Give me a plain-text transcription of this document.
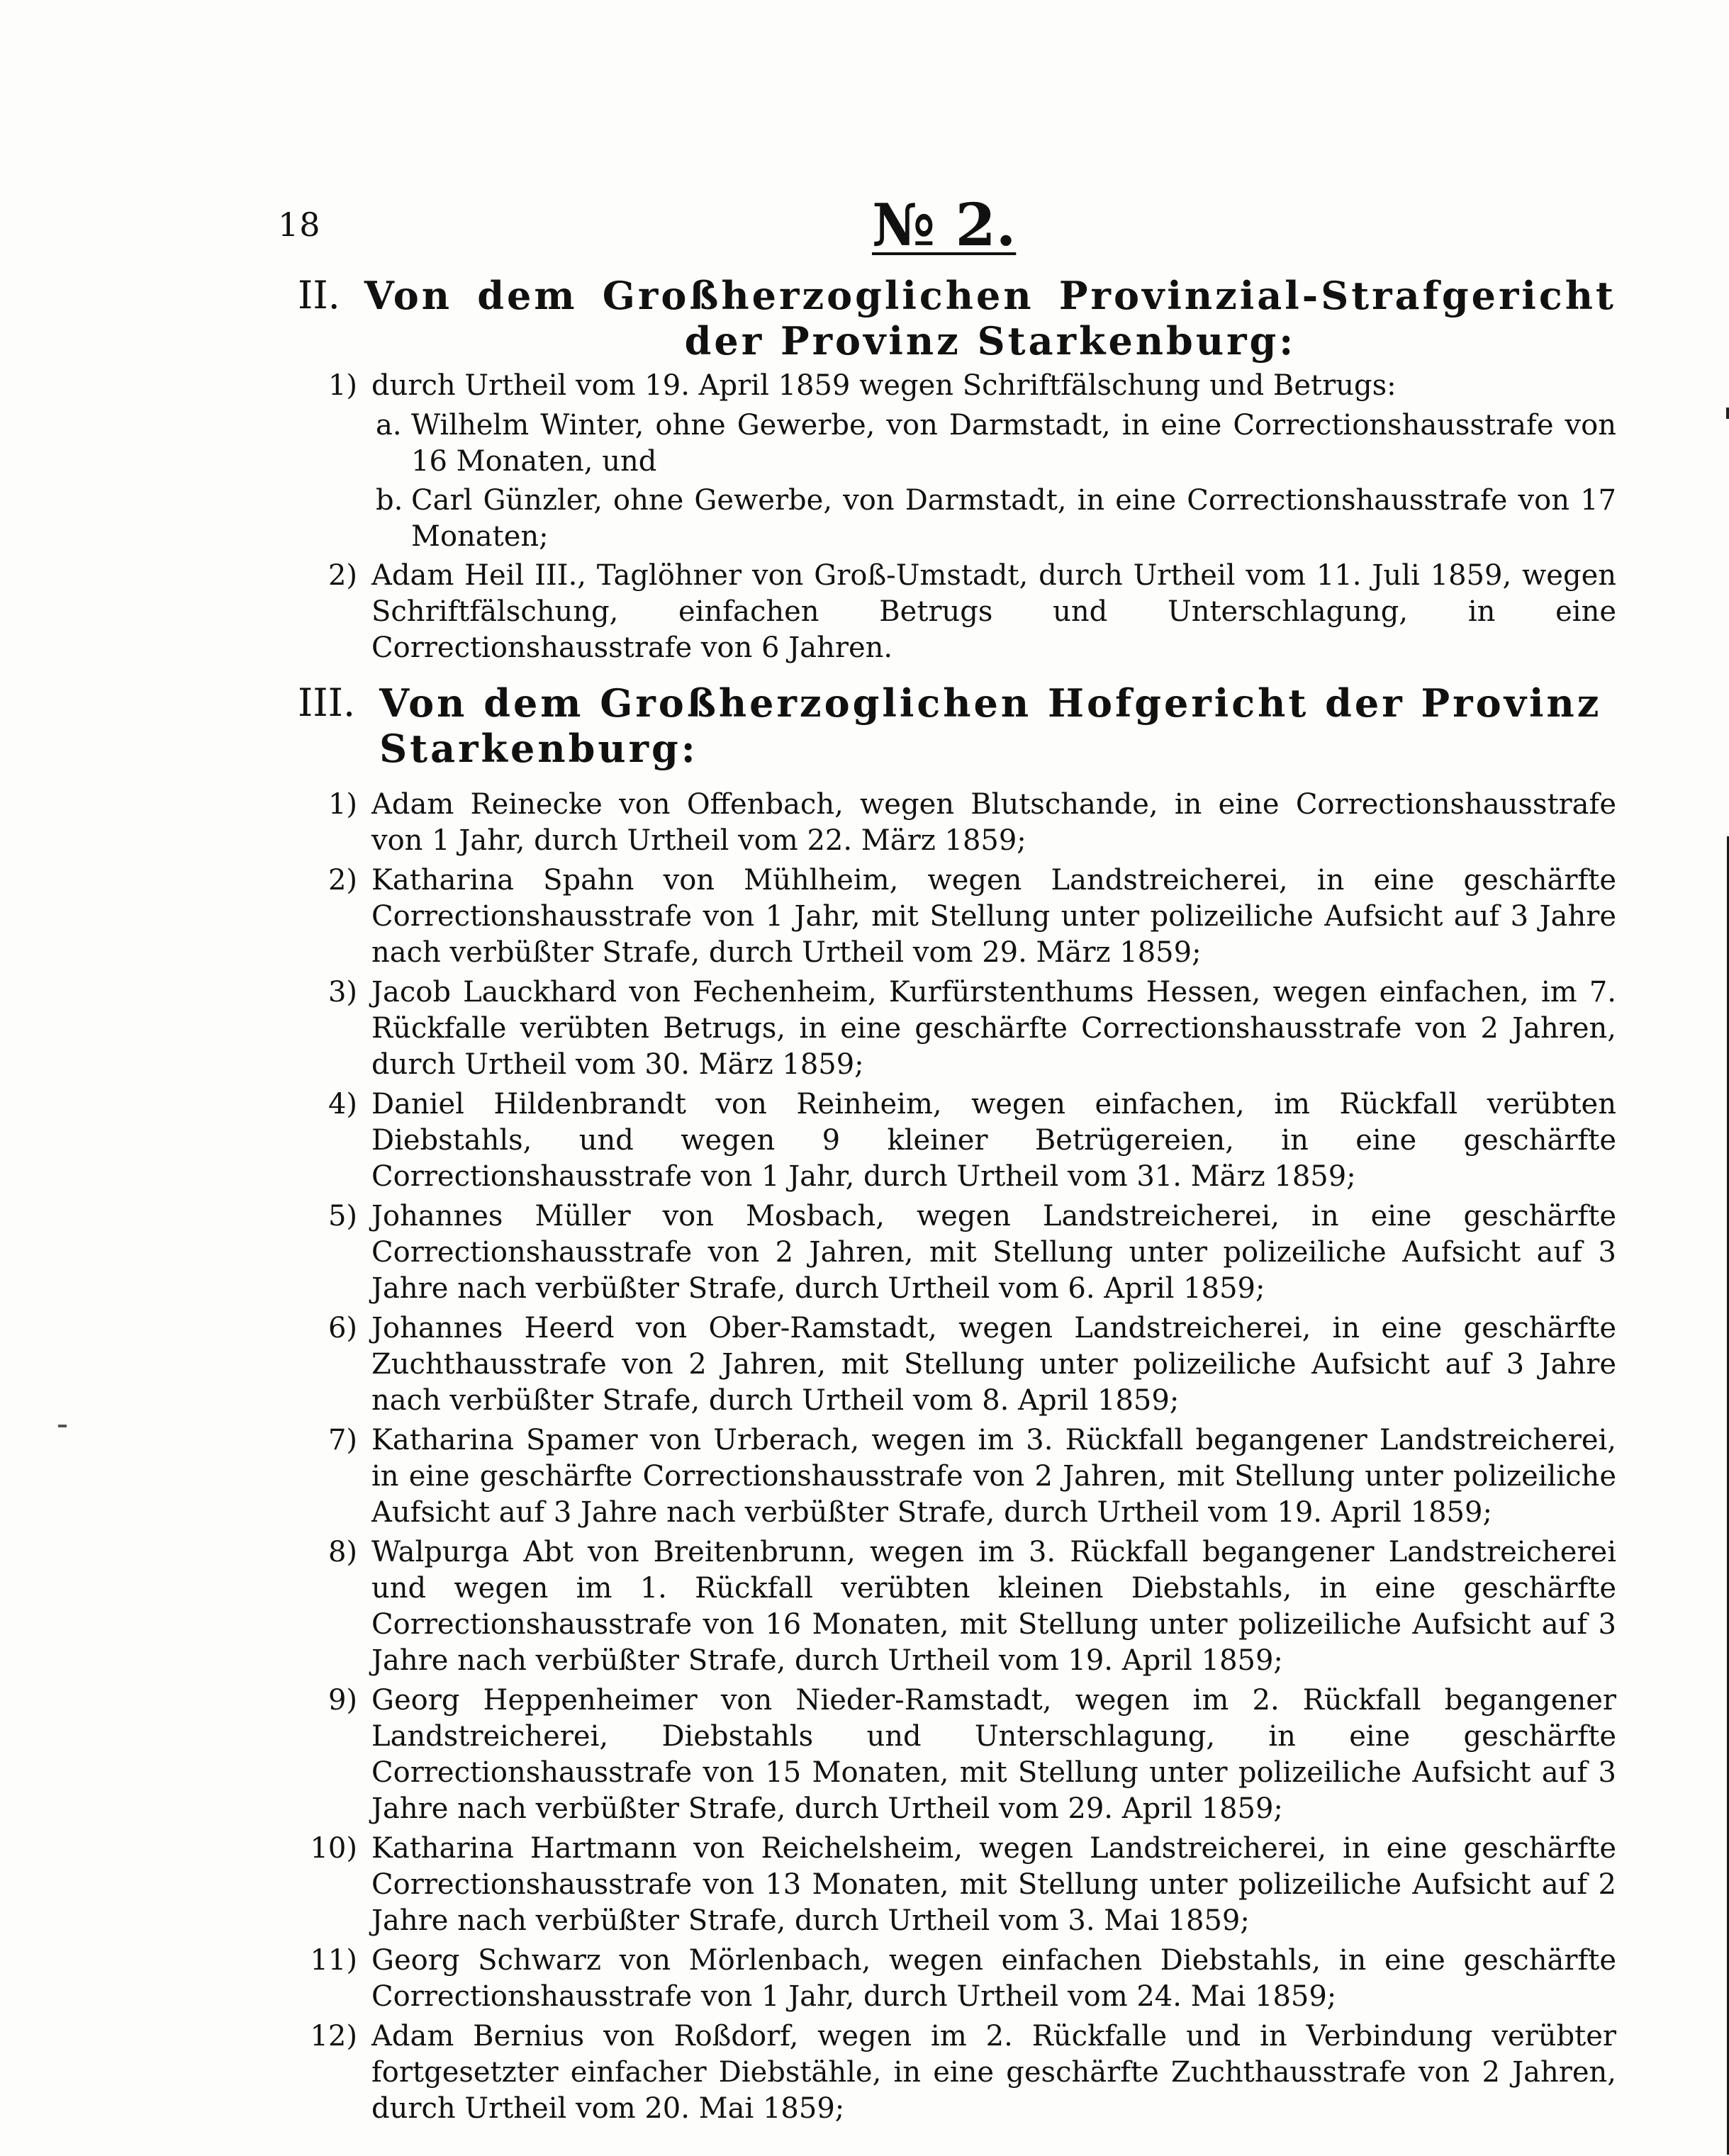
18	№ 2.
II. Von dem Großherzoglichen Provinzial-Strafgericht der Provinz Starkenburg:
1) durch Urtheil vom 19. April 1859 wegen Schriftfälschung und Betrugs:
a. Wilhelm Winter, ohne Gewerbe, von Darmstadt, in eine Correctionshausstrafe von 16 Monaten, und
b. Carl Günzler, ohne Gewerbe, von Darmstadt, in eine Correctionshausstrafe von 17 Monaten;
2) Adam Heil III., Taglöhner von Groß-Umstadt, durch Urtheil vom 11. Juli 1859, wegen Schriftfälschung, einfachen Betrugs und Unterschlagung, in eine Correctionshausstrafe von 6 Jahren.
III. Von dem Großherzoglichen Hofgericht der Provinz Starkenburg:
1) Adam Reinecke von Offenbach, wegen Blutschande, in eine Correctionshausstrafe von 1 Jahr, durch Urtheil vom 22. März 1859;
2) Katharina Spahn von Mühlheim, wegen Landstreicherei, in eine geschärfte Correctionshausstrafe von 1 Jahr, mit Stellung unter polizeiliche Aufsicht auf 3 Jahre nach verbüßter Strafe, durch Urtheil vom 29. März 1859;
3) Jacob Lauckhard von Fechenheim, Kurfürstenthums Hessen, wegen einfachen, im 7. Rückfalle verübten Betrugs, in eine geschärfte Correctionshausstrafe von 2 Jahren, durch Urtheil vom 30. März 1859;
4) Daniel Hildenbrandt von Reinheim, wegen einfachen, im Rückfall verübten Diebstahls, und wegen 9 kleiner Betrügereien, in eine geschärfte Correctionshausstrafe von 1 Jahr, durch Urtheil vom 31. März 1859;
5) Johannes Müller von Mosbach, wegen Landstreicherei, in eine geschärfte Correctionshausstrafe von 2 Jahren, mit Stellung unter polizeiliche Aufsicht auf 3 Jahre nach verbüßter Strafe, durch Urtheil vom 6. April 1859;
6) Johannes Heerd von Ober-Ramstadt, wegen Landstreicherei, in eine geschärfte Zuchthausstrafe von 2 Jahren, mit Stellung unter polizeiliche Aufsicht auf 3 Jahre nach verbüßter Strafe, durch Urtheil vom 8. April 1859;
7) Katharina Spamer von Urberach, wegen im 3. Rückfall begangener Landstreicherei, in eine geschärfte Correctionshausstrafe von 2 Jahren, mit Stellung unter polizeiliche Aufsicht auf 3 Jahre nach verbüßter Strafe, durch Urtheil vom 19. April 1859;
8) Walpurga Abt von Breitenbrunn, wegen im 3. Rückfall begangener Landstreicherei und wegen im 1. Rückfall verübten kleinen Diebstahls, in eine geschärfte Correctionshausstrafe von 16 Monaten, mit Stellung unter polizeiliche Aufsicht auf 3 Jahre nach verbüßter Strafe, durch Urtheil vom 19. April 1859;
9) Georg Heppenheimer von Nieder-Ramstadt, wegen im 2. Rückfall begangener Landstreicherei, Diebstahls und Unterschlagung, in eine geschärfte Correctionshausstrafe von 15 Monaten, mit Stellung unter polizeiliche Aufsicht auf 3 Jahre nach verbüßter Strafe, durch Urtheil vom 29. April 1859;
10) Katharina Hartmann von Reichelsheim, wegen Landstreicherei, in eine geschärfte Correctionshausstrafe von 13 Monaten, mit Stellung unter polizeiliche Aufsicht auf 2 Jahre nach verbüßter Strafe, durch Urtheil vom 3. Mai 1859;
11) Georg Schwarz von Mörlenbach, wegen einfachen Diebstahls, in eine geschärfte Correctionshausstrafe von 1 Jahr, durch Urtheil vom 24. Mai 1859;
12) Adam Bernius von Roßdorf, wegen im 2. Rückfalle und in Verbindung verübter fortgesetzter einfacher Diebstähle, in eine geschärfte Zuchthausstrafe von 2 Jahren, durch Urtheil vom 20. Mai 1859;
